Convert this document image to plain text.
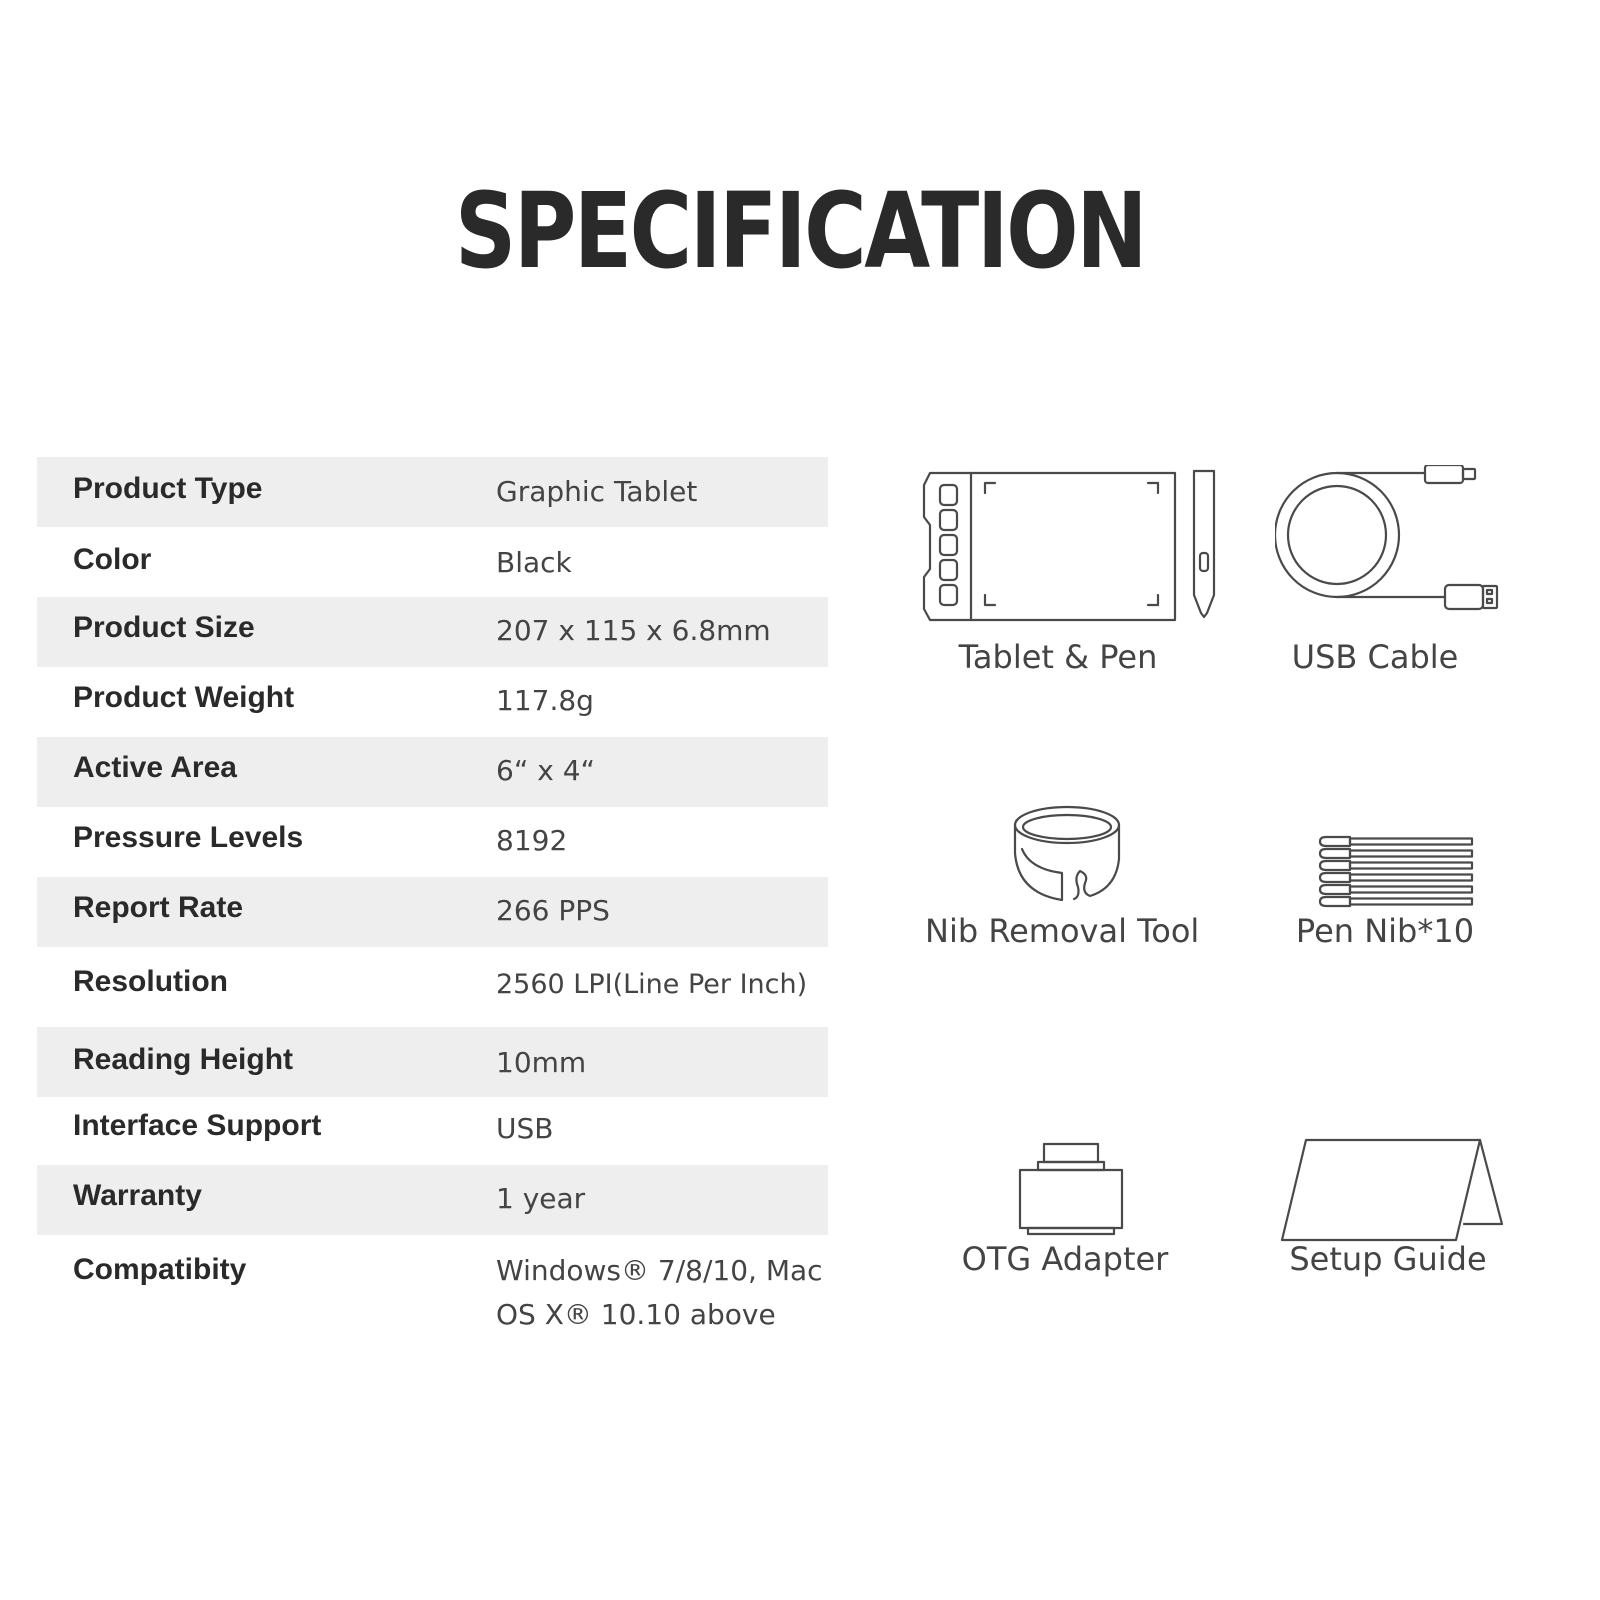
SPECIFICATION
Product Type	Graphic Tablet
Color	Black
Product Size	207 x 115 x 6.8mm
Product Weight	117.8g
Active Area	6“ x 4“
Pressure Levels	8192
Report Rate	266 PPS
Resolution	2560 LPI(Line Per Inch)
Reading Height	10mm
Interface Support	USB
Warranty	1 year
Compatibity	Windows® 7/8/10, Mac OS X® 10.10 above
Tablet & Pen	USB Cable
Nib Removal Tool	Pen Nib*10
OTG Adapter	Setup Guide
